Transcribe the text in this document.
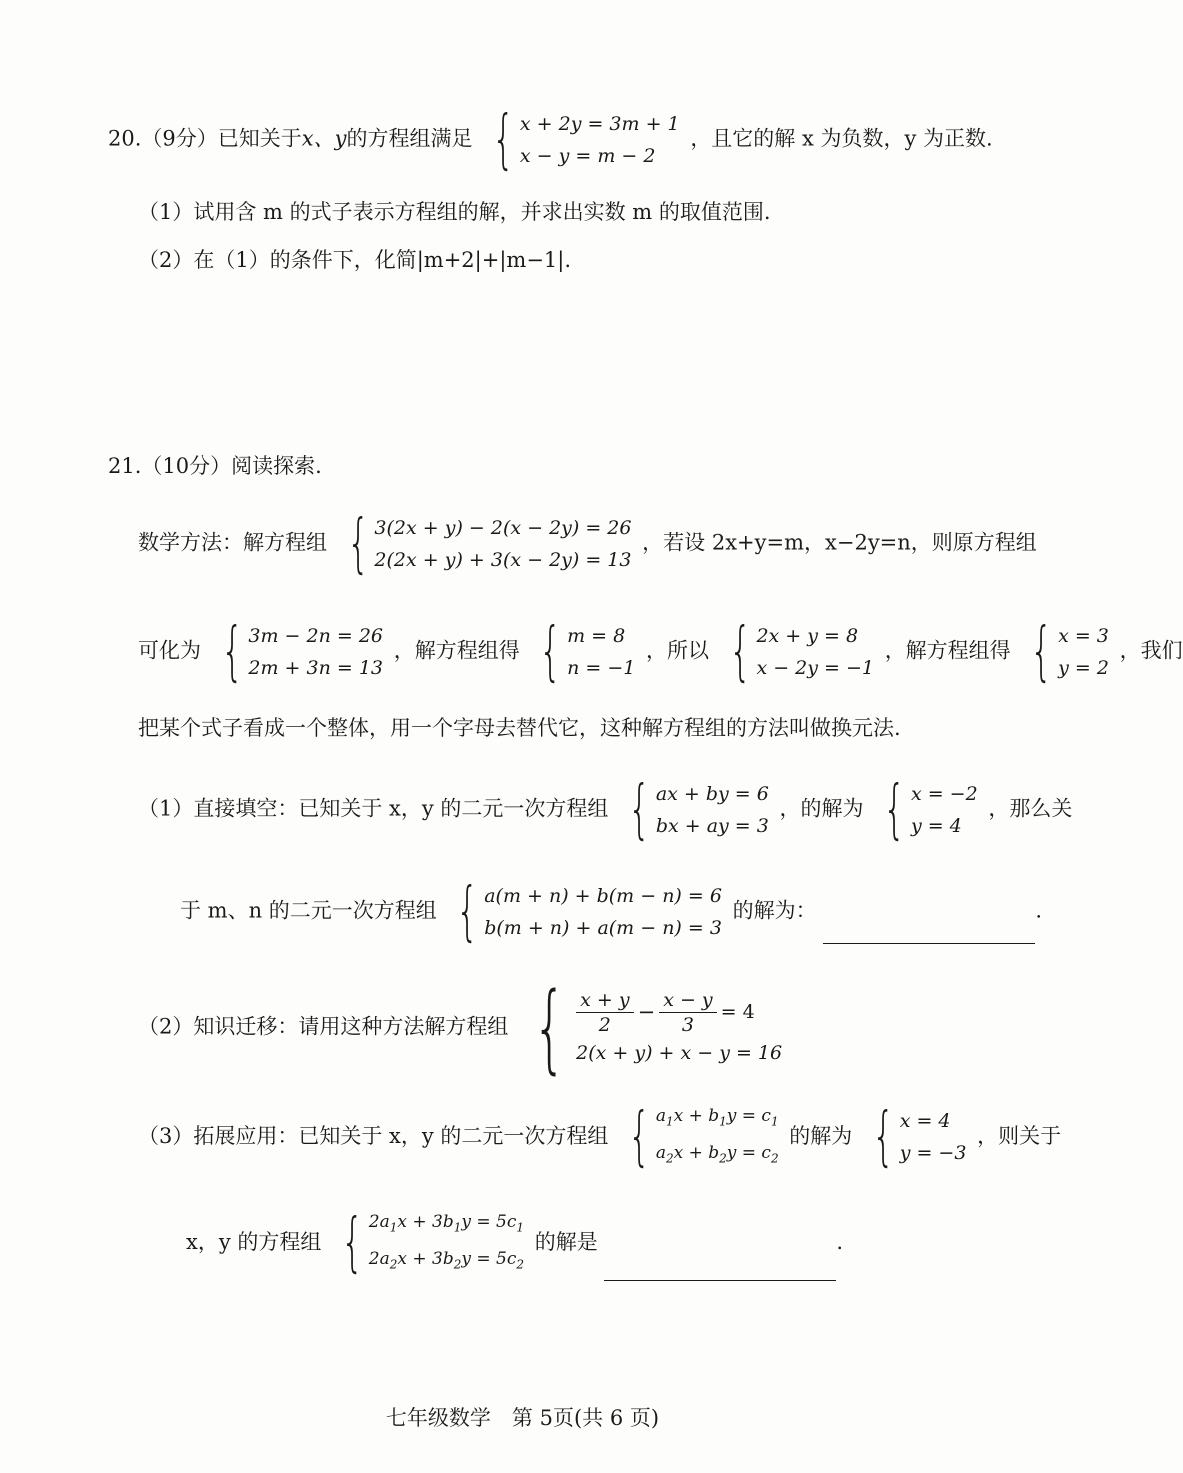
20.（9分）已知关于x、y的方程组满足 { x + 2y = 3m + 1
x − y = m − 2
，且它的解 x 为负数，y 为正数.
（1）试用含 m 的式子表示方程组的解，并求出实数 m 的取值范围.
（2）在（1）的条件下，化简|m+2|+|m−1|.
21.（10分）阅读探索.
数学方法：解方程组 { 3(2x + y) − 2(x − 2y) = 26
2(2x + y) + 3(x − 2y) = 13
，若设 2x+y=m，x−2y=n，则原方程组
可化为 { 3m − 2n = 26
2m + 3n = 13
，解方程组得 { m = 8
n = −1
，所以 { 2x + y = 8
x − 2y = −1
，解方程组得 { x = 3
y = 2
，我们
把某个式子看成一个整体，用一个字母去替代它，这种解方程组的方法叫做换元法.
（1）直接填空：已知关于 x，y 的二元一次方程组 { ax + by = 6
bx + ay = 3
，的解为 { x = −2
y = 4
，那么关
于 m、n 的二元一次方程组 { a(m + n) + b(m − n) = 6
b(m + n) + a(m − n) = 3
的解为：	.
（2）知识迁移：请用这种方法解方程组 { $\frac{x + y}{2} - \frac{x - y}{3} = 4$
2(x + y) + x − y = 16
（3）拓展应用：已知关于 x，y 的二元一次方程组 { $a_1x + b_1y = c_1$
$a_2x + b_2y = c_2$
的解为 { x = 4
y = −3
，则关于
x，y 的方程组 { $2a_1x + 3b_1y = 5c_1$
$2a_2x + 3b_2y = 5c_2$
的解是	.
七年级数学　第 5页(共 6 页)
